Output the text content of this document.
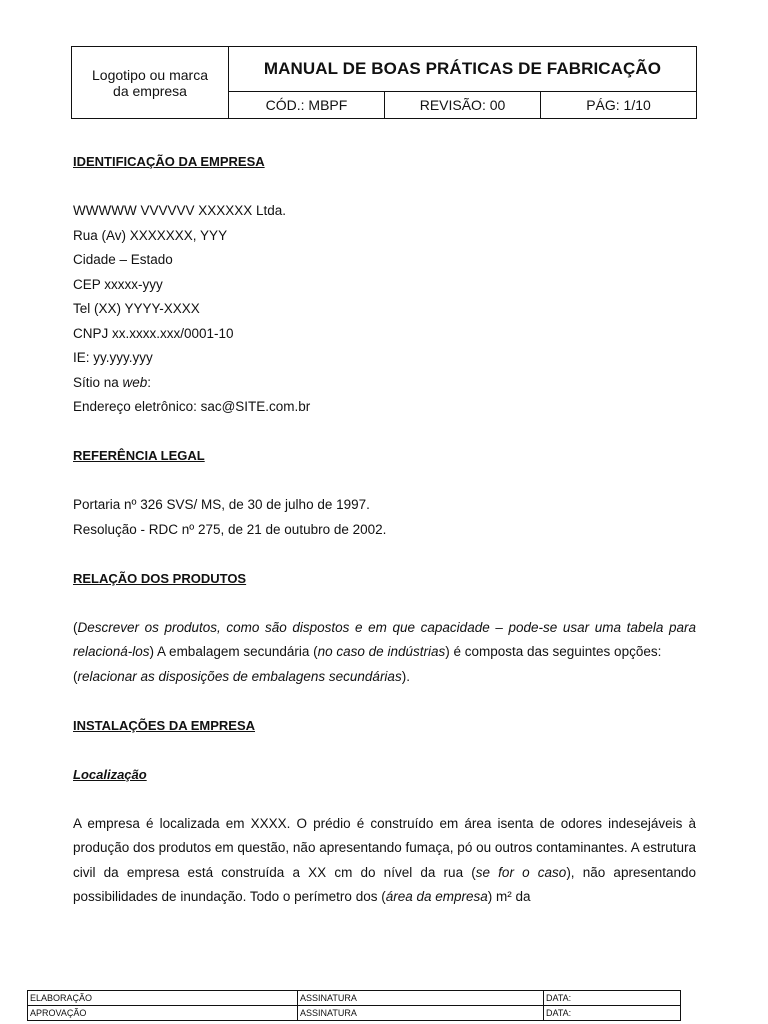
Logotipo ou marca
da empresa	MANUAL DE BOAS PRÁTICAS DE FABRICAÇÃO		
	CÓD.: MBPF	REVISÃO: 00	PÁG: 1/10

IDENTIFICAÇÃO DA EMPRESA

WWWWW VVVVVV XXXXXX Ltda.

Rua (Av) XXXXXXX, YYY

Cidade – Estado

CEP xxxxx-yyy

Tel (XX) YYYY-XXXX

CNPJ xx.xxxx.xxx/0001-10

IE: yy.yyy.yyy

Sítio na web:

Endereço eletrônico: sac@SITE.com.br

REFERÊNCIA LEGAL

Portaria nº 326 SVS/ MS, de 30 de julho de 1997.

Resolução - RDC nº 275, de 21 de outubro de 2002.

RELAÇÃO DOS PRODUTOS

(Descrever os produtos, como são dispostos e em que capacidade – pode-se usar uma tabela para relacioná-los) A embalagem secundária (no caso de indústrias) é composta das seguintes opções:

(relacionar as disposições de embalagens secundárias).

INSTALAÇÕES DA EMPRESA

Localização

A empresa é localizada em XXXX. O prédio é construído em área isenta de odores indesejáveis à produção dos produtos em questão, não apresentando fumaça, pó ou outros contaminantes. A estrutura civil da empresa está construída a XX cm do nível da rua (se for o caso), não apresentando possibilidades de inundação. Todo o perímetro dos (área da empresa) m² da

ELABORAÇÃO	ASSINATURA	DATA:
APROVAÇÃO	ASSINATURA	DATA:
